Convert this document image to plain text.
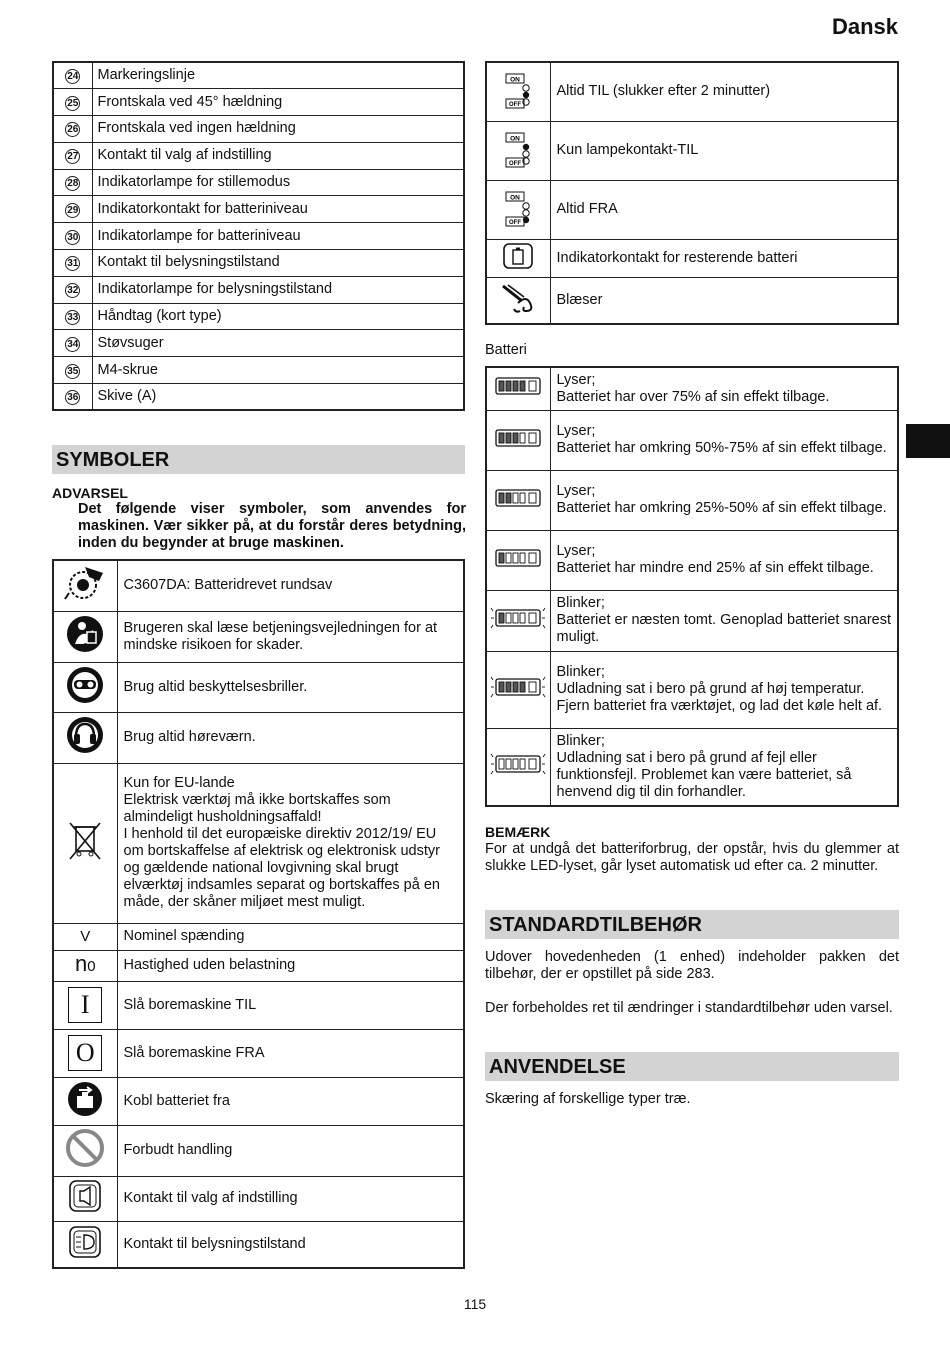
Dansk
24	Markeringslinje
25	Frontskala ved 45° hældning
26	Frontskala ved ingen hældning
27	Kontakt til valg af indstilling
28	Indikatorlampe for stillemodus
29	Indikatorkontakt for batteriniveau
30	Indikatorlampe for batteriniveau
31	Kontakt til belysningstilstand
32	Indikatorlampe for belysningstilstand
33	Håndtag (kort type)
34	Støvsuger
35	M4-skrue
36	Skive (A)
SYMBOLER
ADVARSEL
Det følgende viser symboler, som anvendes for maskinen. Vær sikker på, at du forstår deres betydning, inden du begynder at bruge maskinen.
	C3607DA: Batteridrevet rundsav
	Brugeren skal læse betjeningsvejledningen for at mindske risikoen for skader.
	Brug altid beskyttelsesbriller.
	Brug altid høreværn.
	Kun for EU-lande
Elektrisk værktøj må ikke bortskaffes som almindeligt husholdningsaffald!
I henhold til det europæiske direktiv 2012/19/ EU om bortskaffelse af elektrisk og elektronisk udstyr og gældende national lovgivning skal brugt elværktøj indsamles separat og bortskaffes på en måde, der skåner miljøet mest muligt.
V	Nominel spænding
n0	Hastighed uden belastning
I	Slå boremaskine TIL
O	Slå boremaskine FRA
	Kobl batteriet fra
	Forbudt handling
	Kontakt til valg af indstilling
	Kontakt til belysningstilstand
ON
OFF	Altid TIL (slukker efter 2 minutter)

ON
OFF	Kun lampekontakt-TIL

ON
OFF	Altid FRA
	Indikatorkontakt for resterende batteri
	Blæser
Batteri

Lyser;
Batteriet har over 75% af sin effekt tilbage.

Lyser;
Batteriet har omkring 50%-75% af sin effekt tilbage.

Lyser;
Batteriet har omkring 25%-50% af sin effekt tilbage.

Lyser;
Batteriet har mindre end 25% af sin effekt tilbage.

Blinker;
Batteriet er næsten tomt. Genoplad batteriet snarest muligt.

Blinker;
Udladning sat i bero på grund af høj temperatur. Fjern batteriet fra værktøjet, og lad det køle helt af.

Blinker;
Udladning sat i bero på grund af fejl eller funktionsfejl. Problemet kan være batteriet, så henvend dig til din forhandler.
BEMÆRK
For at undgå det batteriforbrug, der opstår, hvis du glemmer at slukke LED-lyset, går lyset automatisk ud efter ca. 2 minutter.
STANDARDTILBEHØR
Udover hovedenheden (1 enhed) indeholder pakken det tilbehør, der er opstillet på side 283.
Der forbeholdes ret til ændringer i standardtilbehør uden varsel.
ANVENDELSE
Skæring af forskellige typer træ.
115
